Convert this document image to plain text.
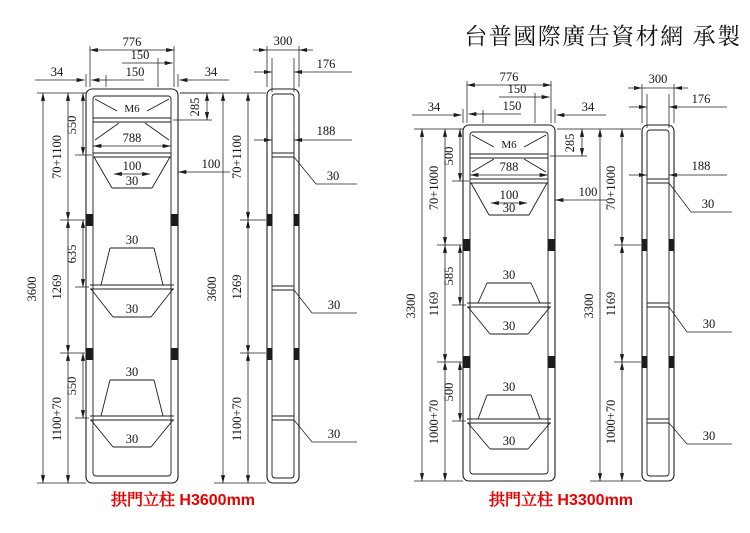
台普國際廣告資材網 承製
M6
776
150
150
34	34
285
788
100
30
100
550
635
550
70+1100
1269
1100+70
3600
30
30
30
30
300
176
188
30
30
30
3600
70+1100
1269
1100+70
拱門立柱 H3600mm
M6
776
150
150
34	34
285
788
100
30
100
500
585
500
70+1000
1169
1000+70
3300
30
30
30
30
300
176
188
30
30
30
3300
70+1000
1169
1000+70
拱門立柱 H3300mm
